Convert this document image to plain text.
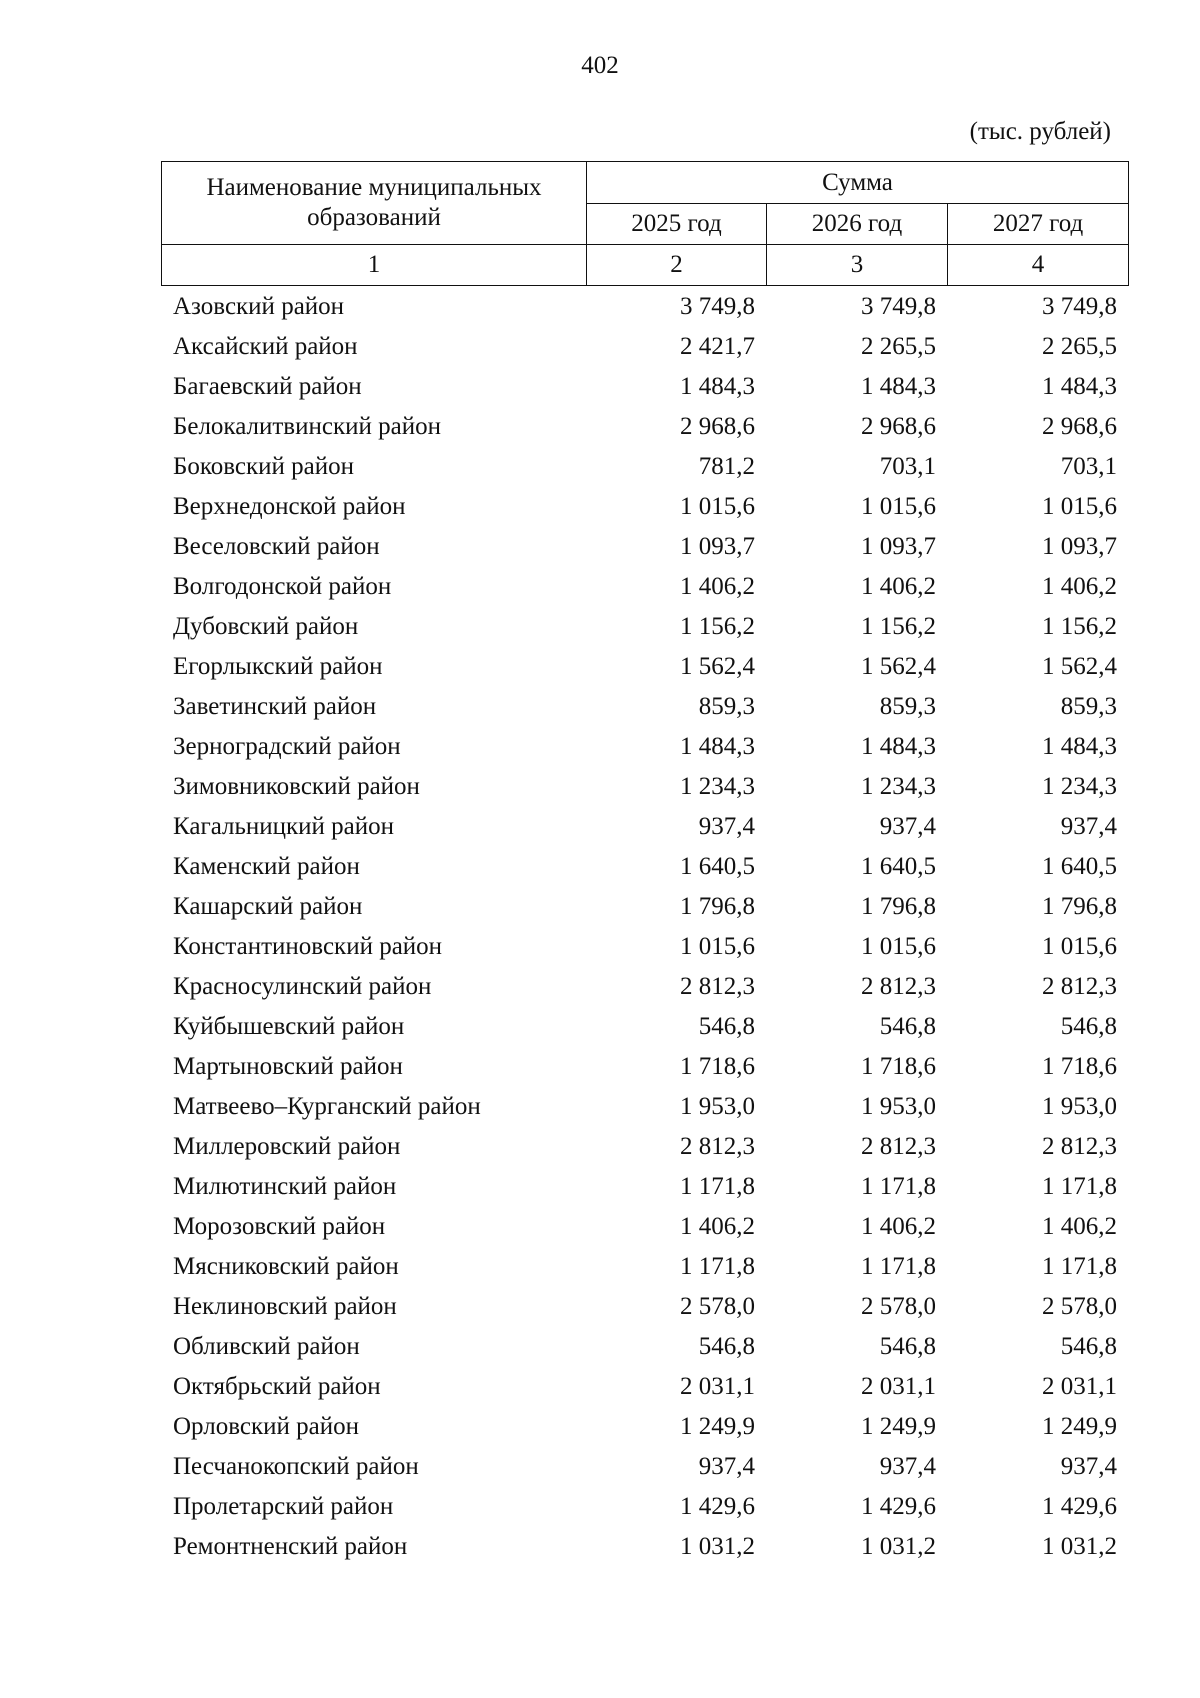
402
(тыс. рублей)
Наименование муниципальных образований	Сумма		
	2025 год	2026 год	2027 год
1	2	3	4
Азовский район	3 749,8	3 749,8	3 749,8
Аксайский район	2 421,7	2 265,5	2 265,5
Багаевский район	1 484,3	1 484,3	1 484,3
Белокалитвинский район	2 968,6	2 968,6	2 968,6
Боковский район	781,2	703,1	703,1
Верхнедонской район	1 015,6	1 015,6	1 015,6
Веселовский район	1 093,7	1 093,7	1 093,7
Волгодонской район	1 406,2	1 406,2	1 406,2
Дубовский район	1 156,2	1 156,2	1 156,2
Егорлыкский район	1 562,4	1 562,4	1 562,4
Заветинский район	859,3	859,3	859,3
Зерноградский район	1 484,3	1 484,3	1 484,3
Зимовниковский район	1 234,3	1 234,3	1 234,3
Кагальницкий район	937,4	937,4	937,4
Каменский район	1 640,5	1 640,5	1 640,5
Кашарский район	1 796,8	1 796,8	1 796,8
Константиновский район	1 015,6	1 015,6	1 015,6
Красносулинский район	2 812,3	2 812,3	2 812,3
Куйбышевский район	546,8	546,8	546,8
Мартыновский район	1 718,6	1 718,6	1 718,6
Матвеево–Курганский район	1 953,0	1 953,0	1 953,0
Миллеровский район	2 812,3	2 812,3	2 812,3
Милютинский район	1 171,8	1 171,8	1 171,8
Морозовский район	1 406,2	1 406,2	1 406,2
Мясниковский район	1 171,8	1 171,8	1 171,8
Неклиновский район	2 578,0	2 578,0	2 578,0
Обливский район	546,8	546,8	546,8
Октябрьский район	2 031,1	2 031,1	2 031,1
Орловский район	1 249,9	1 249,9	1 249,9
Песчанокопский район	937,4	937,4	937,4
Пролетарский район	1 429,6	1 429,6	1 429,6
Ремонтненский район	1 031,2	1 031,2	1 031,2
